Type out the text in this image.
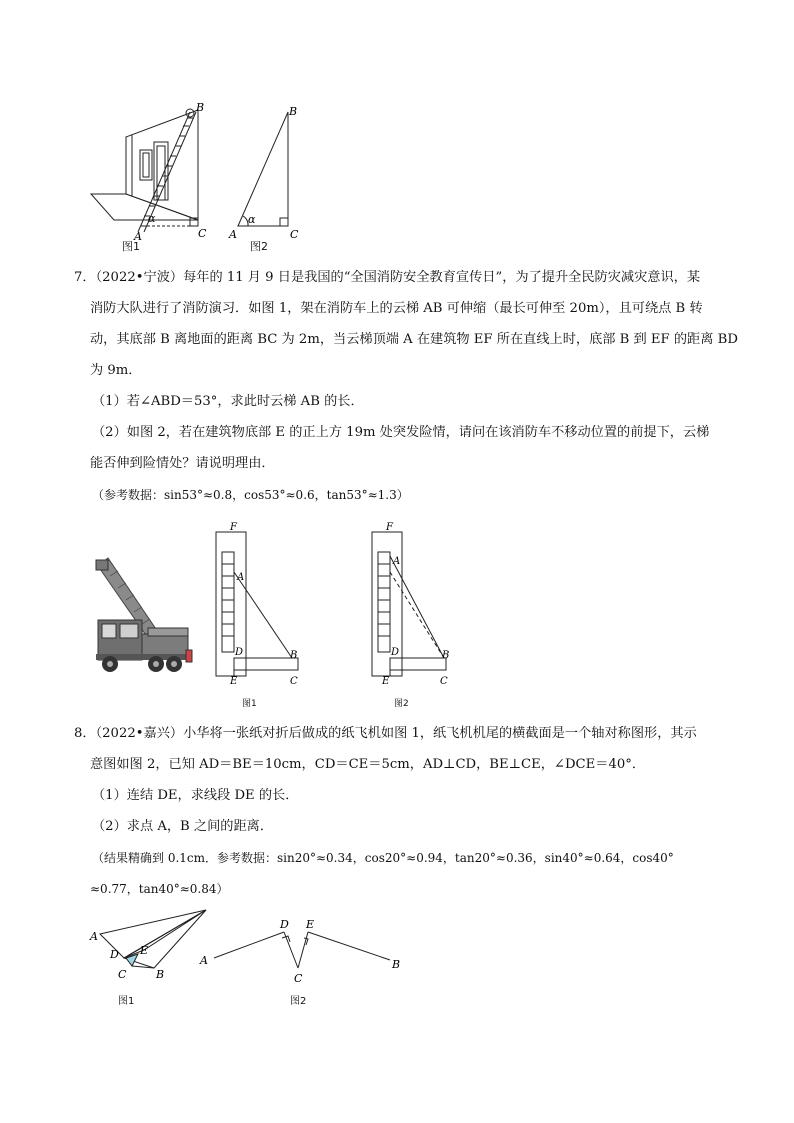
α
A
B
C
图1
α
A
B
C
图2
7．（2022•宁波）每年的 11 月 9 日是我国的“全国消防安全教育宣传日”，为了提升全民防灾减灾意识，某
消防大队进行了消防演习．如图 1，架在消防车上的云梯 AB 可伸缩（最长可伸至 20m），且可绕点 B 转
动，其底部 B 离地面的距离 BC 为 2m，当云梯顶端 A 在建筑物 EF 所在直线上时，底部 B 到 EF 的距离 BD
为 9m．
（1）若∠ABD＝53°，求此时云梯 AB 的长．
（2）如图 2，若在建筑物底部 E 的正上方 19m 处突发险情，请问在该消防车不移动位置的前提下，云梯
能否伸到险情处？请说明理由．
（参考数据：sin53°≈0.8，cos53°≈0.6，tan53°≈1.3）
F
A
D	B
E	C
图1
F
A
D	B
E	C
图2
8．（2022•嘉兴）小华将一张纸对折后做成的纸飞机如图 1，纸飞机机尾的横截面是一个轴对称图形，其示
意图如图 2，已知 AD＝BE＝10cm，CD＝CE＝5cm，AD⊥CD，BE⊥CE，∠DCE＝40°．
（1）连结 DE，求线段 DE 的长．
（2）求点 A，B 之间的距离．
（结果精确到 0.1cm．参考数据：sin20°≈0.34，cos20°≈0.94，tan20°≈0.36，sin40°≈0.64，cos40°
≈0.77，tan40°≈0.84）
A
D E
C	B
图1
A
D E
C
B
图2
